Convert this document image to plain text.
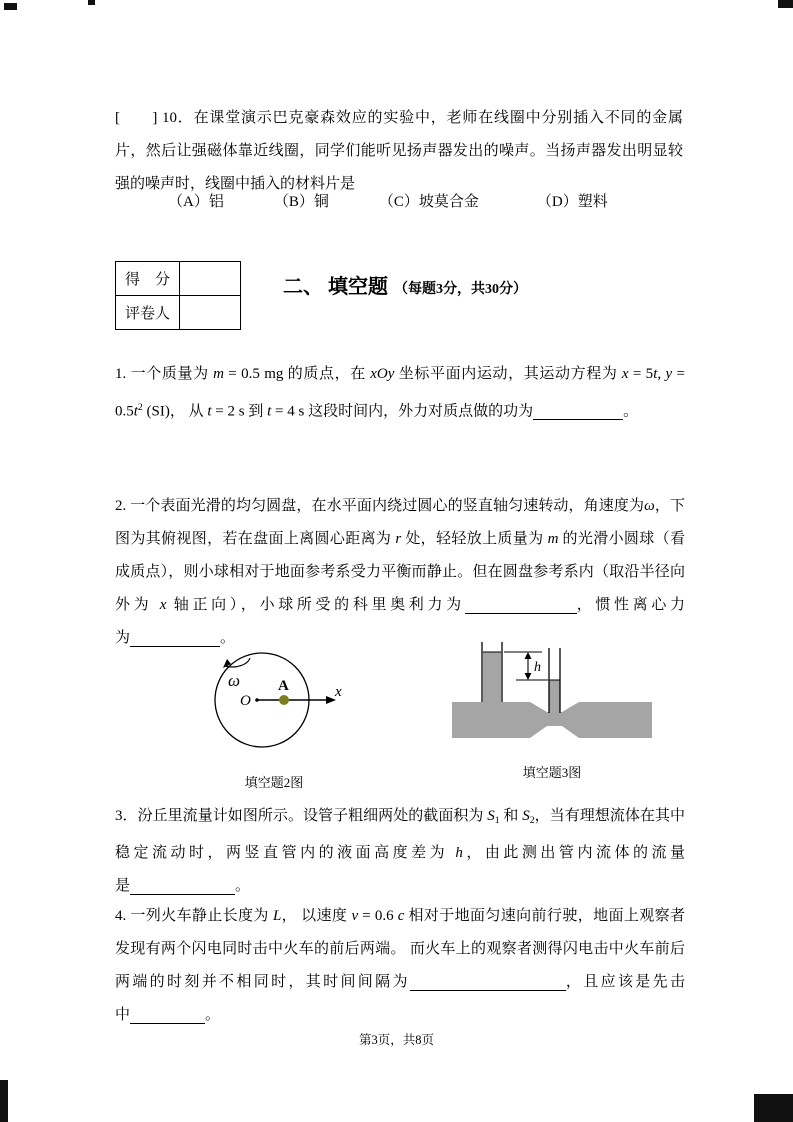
[　　] 10．在课堂演示巴克豪森效应的实验中，老师在线圈中分别插入不同的金属片，然后让强磁体靠近线圈，同学们能听见扬声器发出的噪声。当扬声器发出明显较强的噪声时，线圈中插入的材料片是

（A）铝	（B）铜	（C）坡莫合金	（D）塑料
得　分	
评卷人	
二、 填空题 （每题3分，共30分）

1. 一个质量为 m = 0.5 mg 的质点，在 xOy 坐标平面内运动，其运动方程为 x = 5t, $y = 0.5t^2$ (SI)， 从 t = 2 s 到 t = 4 s 这段时间内，外力对质点做的功为　　　　　　	。

2. 一个表面光滑的均匀圆盘，在水平面内绕过圆心的竖直轴匀速转动，角速度为ω，下图为其俯视图，若在盘面上离圆心距离为 r 处，轻轻放上质量为 m 的光滑小圆球（看成质点），则小球相对于地面参考系受力平衡而静止。但在圆盘参考系内（取沿半径向外为 x 轴正向），小球所受的科里奥利力为　　　　　　	，惯性离心力为　　　　　　	。

ω
O
x
A
填空题2图
h
填空题3图

3．汾丘里流量计如图所示。设管子粗细两处的截面积为 $S_1$ 和 $S_2$，当有理想流体在其中稳定流动时，两竖直管内的液面高度差为 h，由此测出管内流体的流量是　　　　　　　	。

4. 一列火车静止长度为 L， 以速度 v = 0.6 c 相对于地面匀速向前行驶，地面上观察者发现有两个闪电同时击中火车的前后两端。 而火车上的观察者测得闪电击中火车前后两端的时刻并不相同时，其时间间隔为　　　　　　　　　	，且应该是先击中　　　　　	。

第3页，共8页
